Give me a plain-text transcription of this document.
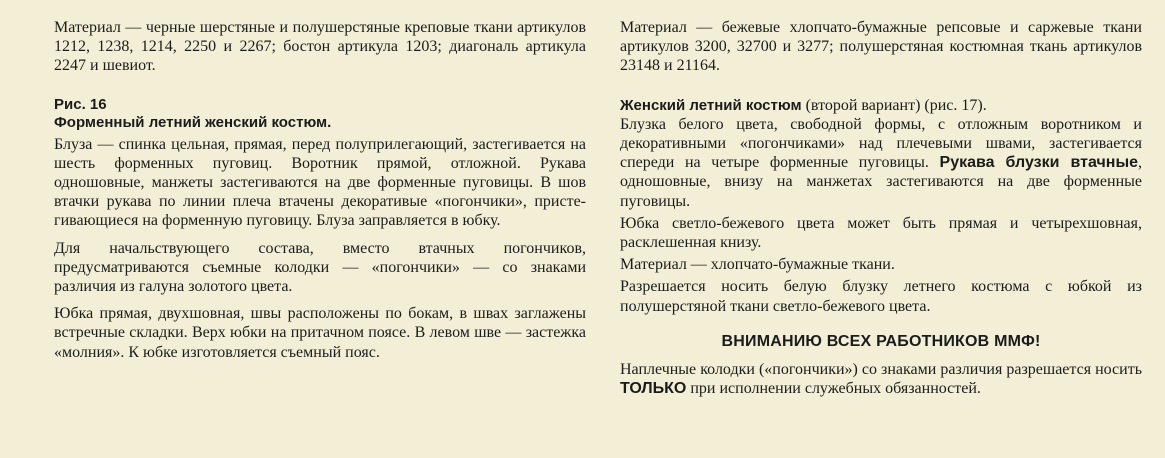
Материал — черные шерстяные и полушерстяные креповые ткани артикулов 1212, 1238, 1214, 2250 и 2267; бостон артикула 1203; диагональ артикула 2247 и шевиот.

Рис. 16
Форменный летний женский костюм.

Блуза — спинка цельная, прямая, перед полуприлегающий, застегивается на шесть форменных пуговиц. Воротник прямой, отложной. Рукава одношовные, манжеты застегиваются на две форменные пуговицы. В шов втачки рукава по линии плеча втачены декоративые «погончики», пристегивающиеся на форменную пуговицу. Блуза заправляется в юбку.

Для начальствующего состава, вместо втачных погончиков, предусматриваются съемные колодки — «погончики» — со знаками различия из галуна золотого цвета.

Юбка прямая, двухшовная, швы расположены по бокам, в швах заглажены встречные складки. Верх юбки на притачном поясе. В левом шве — застежка «молния». К юбке изготовляется съемный пояс.

Материал — бежевые хлопчато-бумажные репсовые и саржевые ткани артикулов 3200, 32700 и 3277; полушерстяная костюмная ткань артикулов 23148 и 21164.

Женский летний костюм (второй вариант) (рис. 17).

Блузка белого цвета, свободной формы, с отложным воротником и декоративными «погончиками» над плечевыми швами, застегивается спереди на четыре форменные пуговицы. Рукава блузки втачные, одношовные, внизу на манжетах застегиваются на две форменные пуговицы.

Юбка светло-бежевого цвета может быть прямая и четырехшовная, расклешенная книзу.

Материал — хлопчато-бумажные ткани.

Разрешается носить белую блузку летнего костюма с юбкой из полушерстяной ткани светло-бежевого цвета.

ВНИМАНИЮ ВСЕХ РАБОТНИКОВ ММФ!

Наплечные колодки («погончики») со знаками различия разрешается носить ТОЛЬКО при исполнении служебных обязанностей.
